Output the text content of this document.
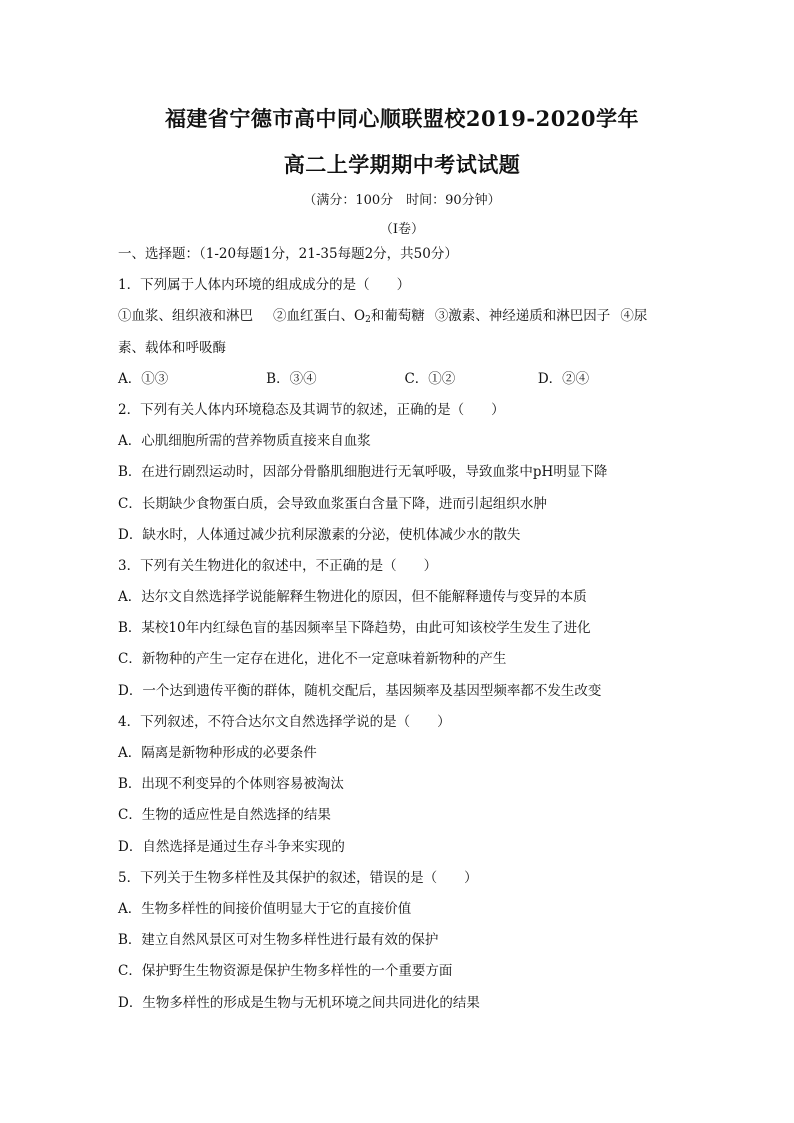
福建省宁德市高中同心顺联盟校2019-2020学年
高二上学期期中考试试题
（满分：100分　时间：90分钟）
（Ⅰ卷）
一、选择题：（1-20每题1分，21-35每题2分，共50分）
1．下列属于人体内环境的组成成分的是（　　）
①血浆、组织液和淋巴 ②血红蛋白、$O_2$和葡萄糖 ③激素、神经递质和淋巴因子 ④尿
素、载体和呼吸酶
A．①③	B．③④	C．①②	D．②④
2．下列有关人体内环境稳态及其调节的叙述，正确的是（　　）
A．心肌细胞所需的营养物质直接来自血浆
B．在进行剧烈运动时，因部分骨骼肌细胞进行无氧呼吸，导致血浆中pH明显下降
C．长期缺少食物蛋白质，会导致血浆蛋白含量下降，进而引起组织水肿
D．缺水时，人体通过减少抗利尿激素的分泌，使机体减少水的散失
3．下列有关生物进化的叙述中，不正确的是（　　）
A．达尔文自然选择学说能解释生物进化的原因，但不能解释遗传与变异的本质
B．某校10年内红绿色盲的基因频率呈下降趋势，由此可知该校学生发生了进化
C．新物种的产生一定存在进化，进化不一定意味着新物种的产生
D．一个达到遗传平衡的群体，随机交配后，基因频率及基因型频率都不发生改变
4．下列叙述，不符合达尔文自然选择学说的是（　　）
A．隔离是新物种形成的必要条件
B．出现不利变异的个体则容易被淘汰
C．生物的适应性是自然选择的结果
D．自然选择是通过生存斗争来实现的
5．下列关于生物多样性及其保护的叙述，错误的是（　　）
A．生物多样性的间接价值明显大于它的直接价值
B．建立自然风景区可对生物多样性进行最有效的保护
C．保护野生生物资源是保护生物多样性的一个重要方面
D．生物多样性的形成是生物与无机环境之间共同进化的结果
